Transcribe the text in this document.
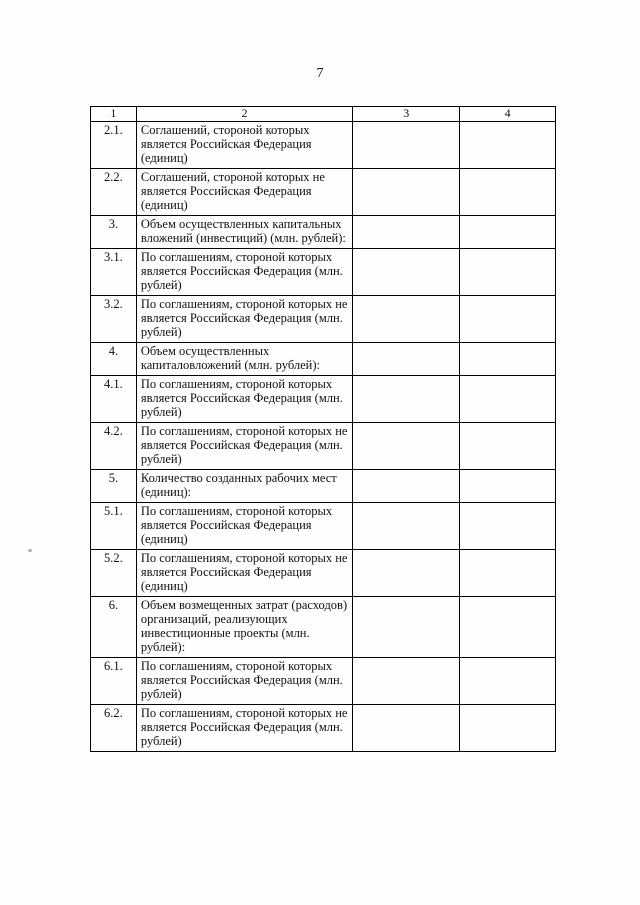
7
1	2	3	4
2.1.	Соглашений, стороной которых является Российская Федерация (единиц)		
2.2.	Соглашений, стороной которых не является Российская Федерация (единиц)		
3.	Объем осуществленных капитальных вложений (инвестиций) (млн. рублей):		
3.1.	По соглашениям, стороной которых является Российская Федерация (млн. рублей)		
3.2.	По соглашениям, стороной которых не является Российская Федерация (млн. рублей)		
4.	Объем осуществленных капиталовложений (млн. рублей):		
4.1.	По соглашениям, стороной которых является Российская Федерация (млн. рублей)		
4.2.	По соглашениям, стороной которых не является Российская Федерация (млн. рублей)		
5.	Количество созданных рабочих мест (единиц):		
5.1.	По соглашениям, стороной которых является Российская Федерация (единиц)		
5.2.	По соглашениям, стороной которых не является Российская Федерация (единиц)		
6.	Объем возмещенных затрат (расходов) организаций, реализующих инвестиционные проекты (млн. рублей):		
6.1.	По соглашениям, стороной которых является Российская Федерация (млн. рублей)		
6.2.	По соглашениям, стороной которых не является Российская Федерация (млн. рублей)		
